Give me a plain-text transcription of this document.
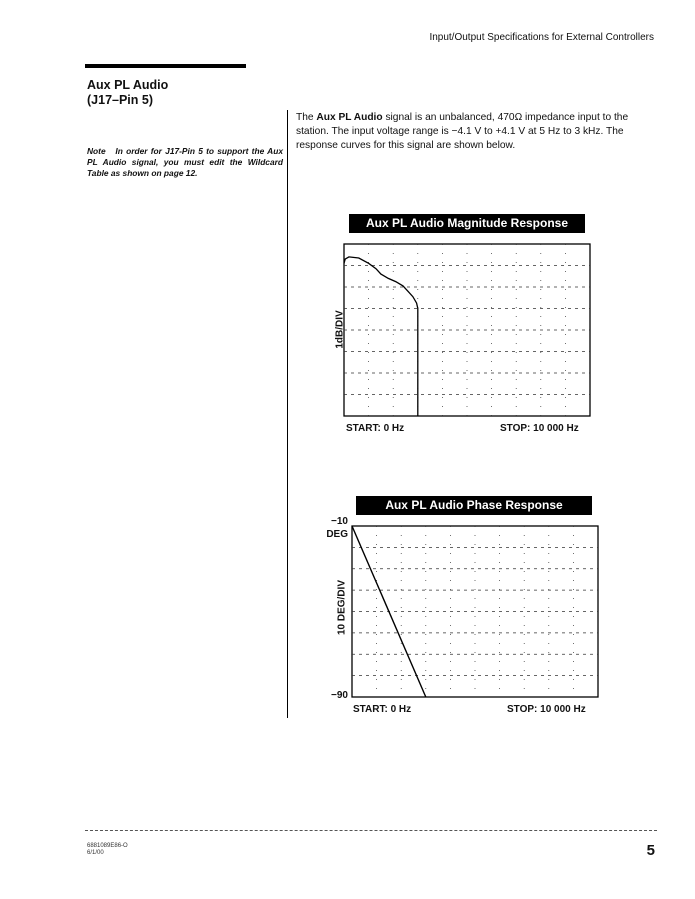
Input/Output Specifications for External Controllers
Aux PL Audio
(J17–Pin 5)
Note In order for J17-Pin 5 to support the Aux PL Audio signal, you must edit the Wildcard Table as shown on page 12.
The Aux PL Audio signal is an unbalanced, 470Ω impedance input to the station. The input voltage range is −4.1 V to +4.1 V at 5 Hz to 3 kHz. The response curves for this signal are shown below.
Aux PL Audio Magnitude Response
1dB/DIV
START: 0 Hz	STOP: 10 000 Hz
Aux PL Audio Phase Response
−10
DEG
−90
10 DEG/DIV
START: 0 Hz	STOP: 10 000 Hz
6881089E86-O
6/1/00	5
